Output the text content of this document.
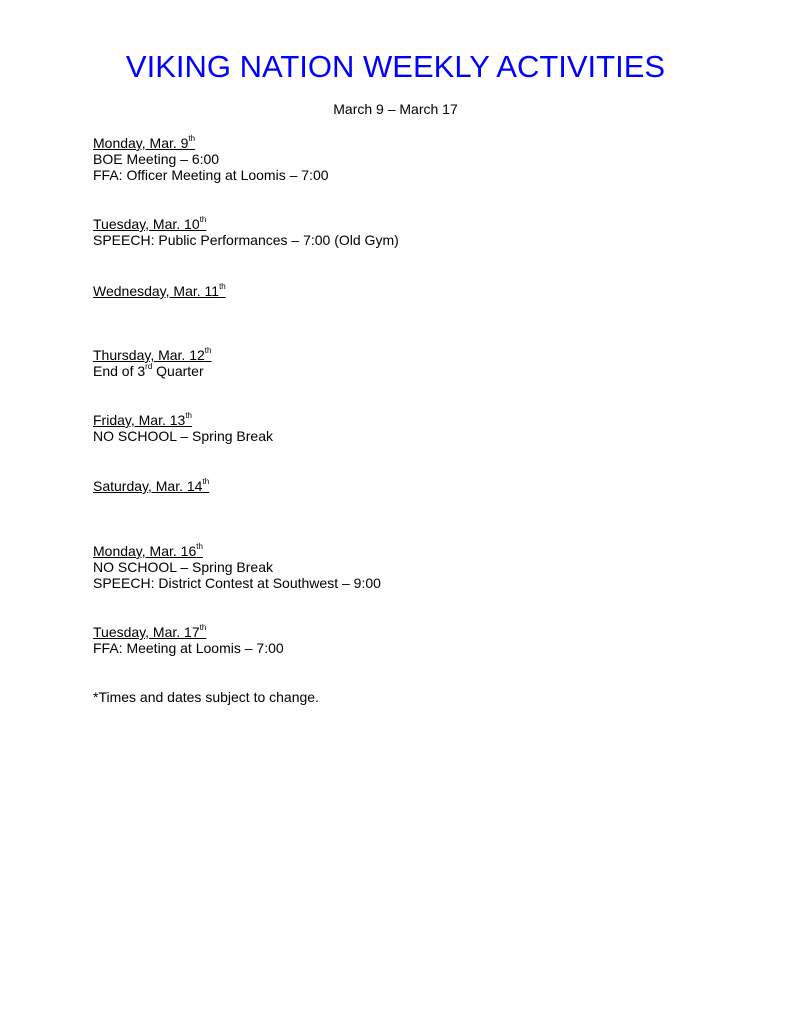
VIKING NATION WEEKLY ACTIVITIES
March 9 – March 17
Monday, Mar. 9th
BOE Meeting – 6:00
FFA: Officer Meeting at Loomis – 7:00
Tuesday, Mar. 10th
SPEECH: Public Performances – 7:00 (Old Gym)
Wednesday, Mar. 11th
Thursday, Mar. 12th
End of 3rd Quarter
Friday, Mar. 13th
NO SCHOOL – Spring Break
Saturday, Mar. 14th
Monday, Mar. 16th
NO SCHOOL – Spring Break
SPEECH: District Contest at Southwest – 9:00
Tuesday, Mar. 17th
FFA: Meeting at Loomis – 7:00
*Times and dates subject to change.
